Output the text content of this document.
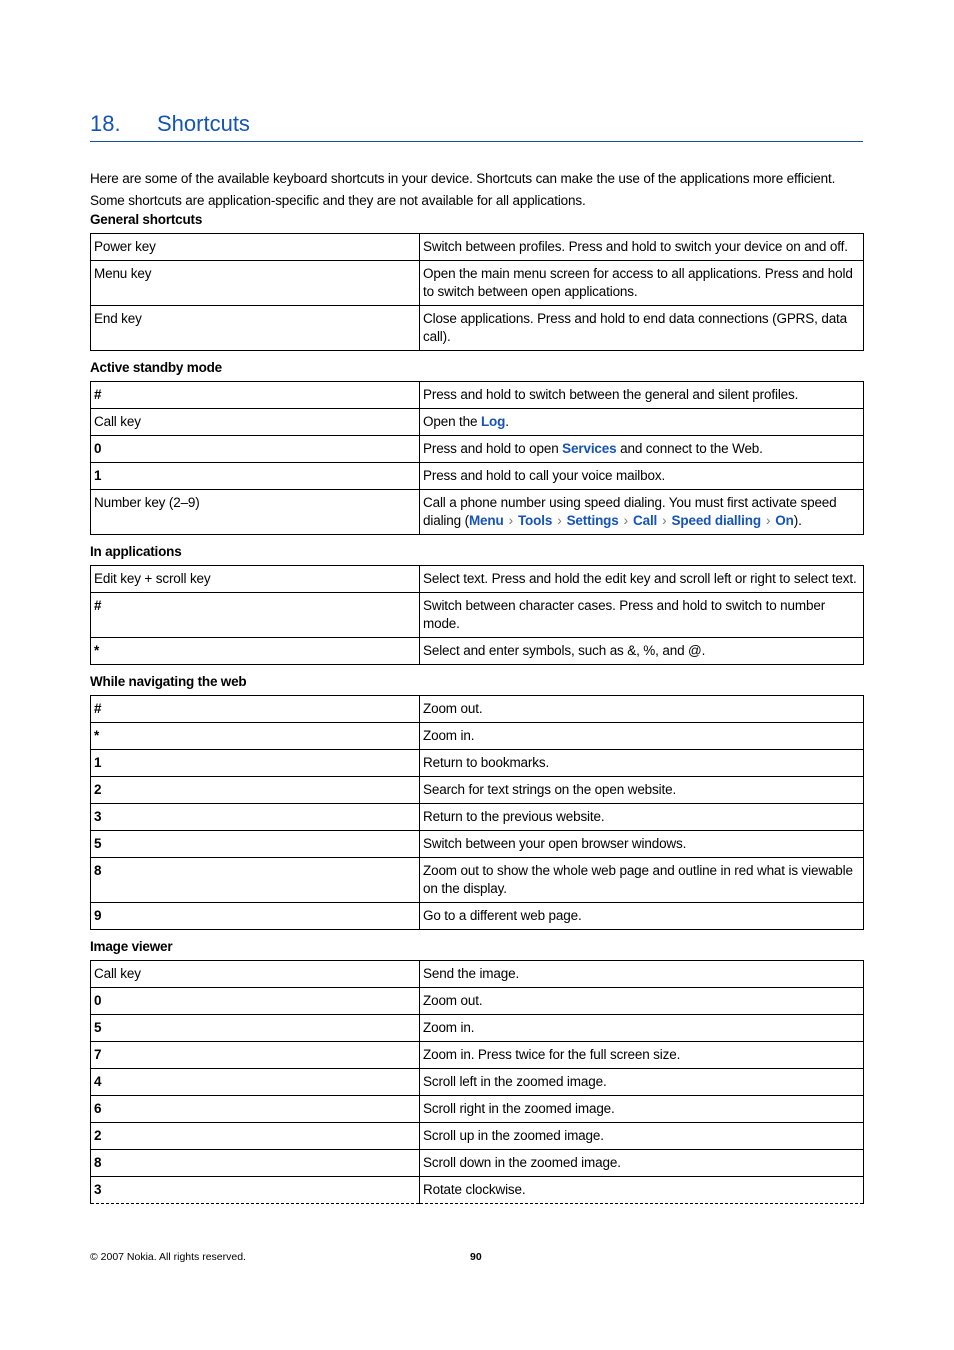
18. Shortcuts

Here are some of the available keyboard shortcuts in your device. Shortcuts can make the use of the applications more efficient.

Some shortcuts are application-specific and they are not available for all applications.

General shortcuts

Power key	Switch between profiles. Press and hold to switch your device on and off.
Menu key	Open the main menu screen for access to all applications. Press and hold to switch between open applications.
End key	Close applications. Press and hold to end data connections (GPRS, data call).

Active standby mode

#	Press and hold to switch between the general and silent profiles.
Call key	Open the Log.
0	Press and hold to open Services and connect to the Web.
1	Press and hold to call your voice mailbox.
Number key (2–9)	Call a phone number using speed dialing. You must first activate speed dialing (Menu › Tools › Settings › Call › Speed dialling › On).

In applications

Edit key + scroll key	Select text. Press and hold the edit key and scroll left or right to select text.
#	Switch between character cases. Press and hold to switch to number mode.
*	Select and enter symbols, such as &, %, and @.

While navigating the web

#	Zoom out.
*	Zoom in.
1	Return to bookmarks.
2	Search for text strings on the open website.
3	Return to the previous website.
5	Switch between your open browser windows.
8	Zoom out to show the whole web page and outline in red what is viewable on the display.
9	Go to a different web page.

Image viewer

Call key	Send the image.
0	Zoom out.
5	Zoom in.
7	Zoom in. Press twice for the full screen size.
4	Scroll left in the zoomed image.
6	Scroll right in the zoomed image.
2	Scroll up in the zoomed image.
8	Scroll down in the zoomed image.
3	Rotate clockwise.
© 2007 Nokia. All rights reserved.	90
